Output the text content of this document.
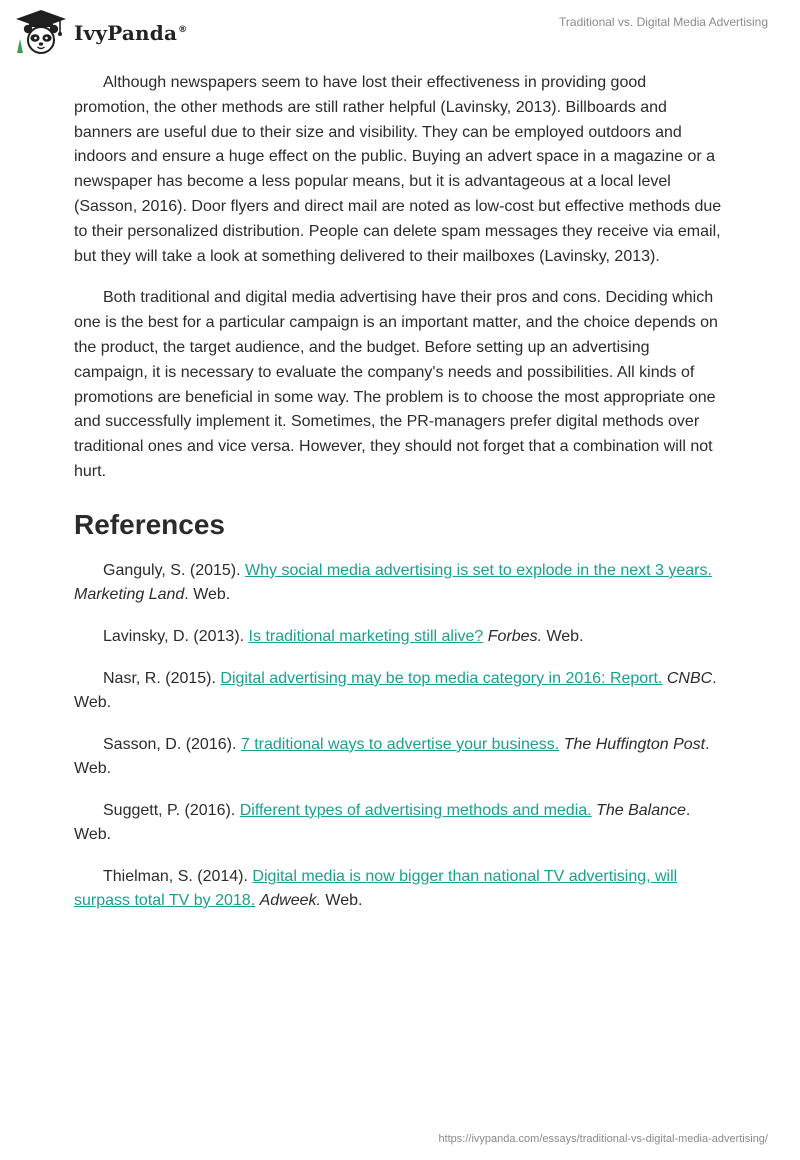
IvyPanda®
Traditional vs. Digital Media Advertising

Although newspapers seem to have lost their effectiveness in providing good promotion, the other methods are still rather helpful (Lavinsky, 2013). Billboards and banners are useful due to their size and visibility. They can be employed outdoors and indoors and ensure a huge effect on the public. Buying an advert space in a magazine or a newspaper has become a less popular means, but it is advantageous at a local level (Sasson, 2016). Door flyers and direct mail are noted as low-cost but effective methods due to their personalized distribution. People can delete spam messages they receive via email, but they will take a look at something delivered to their mailboxes (Lavinsky, 2013).

Both traditional and digital media advertising have their pros and cons. Deciding which one is the best for a particular campaign is an important matter, and the choice depends on the product, the target audience, and the budget. Before setting up an advertising campaign, it is necessary to evaluate the company's needs and possibilities. All kinds of promotions are beneficial in some way. The problem is to choose the most appropriate one and successfully implement it. Sometimes, the PR-managers prefer digital methods over traditional ones and vice versa. However, they should not forget that a combination will not hurt.

References

Ganguly, S. (2015). Why social media advertising is set to explode in the next 3 years. Marketing Land. Web.

Lavinsky, D. (2013). Is traditional marketing still alive? Forbes. Web.

Nasr, R. (2015). Digital advertising may be top media category in 2016: Report. CNBC. Web.

Sasson, D. (2016). 7 traditional ways to advertise your business. The Huffington Post. Web.

Suggett, P. (2016). Different types of advertising methods and media. The Balance. Web.

Thielman, S. (2014). Digital media is now bigger than national TV advertising, will surpass total TV by 2018. Adweek. Web.

https://ivypanda.com/essays/traditional-vs-digital-media-advertising/
